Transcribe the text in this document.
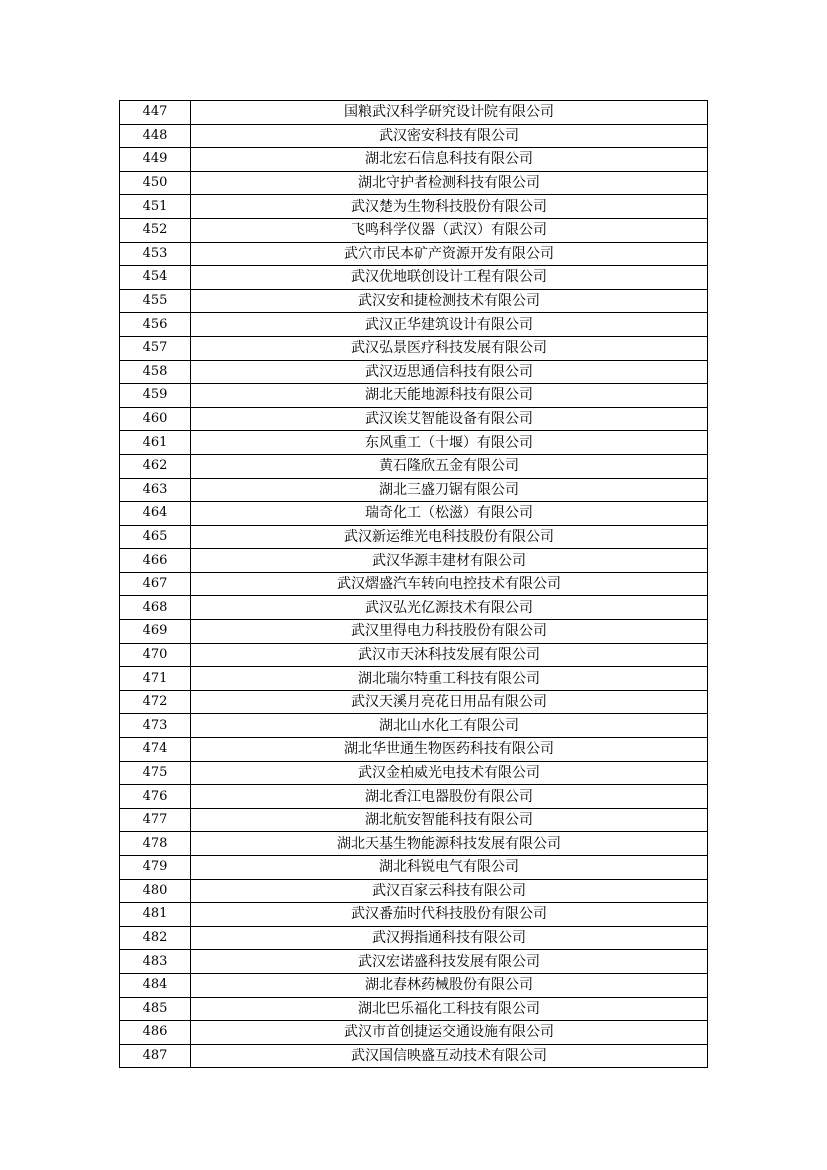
447	国粮武汉科学研究设计院有限公司
448	武汉密安科技有限公司
449	湖北宏石信息科技有限公司
450	湖北守护者检测科技有限公司
451	武汉楚为生物科技股份有限公司
452	飞鸣科学仪器（武汉）有限公司
453	武穴市民本矿产资源开发有限公司
454	武汉优地联创设计工程有限公司
455	武汉安和捷检测技术有限公司
456	武汉正华建筑设计有限公司
457	武汉弘景医疗科技发展有限公司
458	武汉迈思通信科技有限公司
459	湖北天能地源科技有限公司
460	武汉诶艾智能设备有限公司
461	东风重工（十堰）有限公司
462	黄石隆欣五金有限公司
463	湖北三盛刀锯有限公司
464	瑞奇化工（松滋）有限公司
465	武汉新运维光电科技股份有限公司
466	武汉华源丰建材有限公司
467	武汉熠盛汽车转向电控技术有限公司
468	武汉弘光亿源技术有限公司
469	武汉里得电力科技股份有限公司
470	武汉市天沐科技发展有限公司
471	湖北瑞尔特重工科技有限公司
472	武汉天溪月亮花日用品有限公司
473	湖北山水化工有限公司
474	湖北华世通生物医药科技有限公司
475	武汉金柏威光电技术有限公司
476	湖北香江电器股份有限公司
477	湖北航安智能科技有限公司
478	湖北天基生物能源科技发展有限公司
479	湖北科锐电气有限公司
480	武汉百家云科技有限公司
481	武汉番茄时代科技股份有限公司
482	武汉拇指通科技有限公司
483	武汉宏诺盛科技发展有限公司
484	湖北春林药械股份有限公司
485	湖北巴乐福化工科技有限公司
486	武汉市首创捷运交通设施有限公司
487	武汉国信映盛互动技术有限公司
